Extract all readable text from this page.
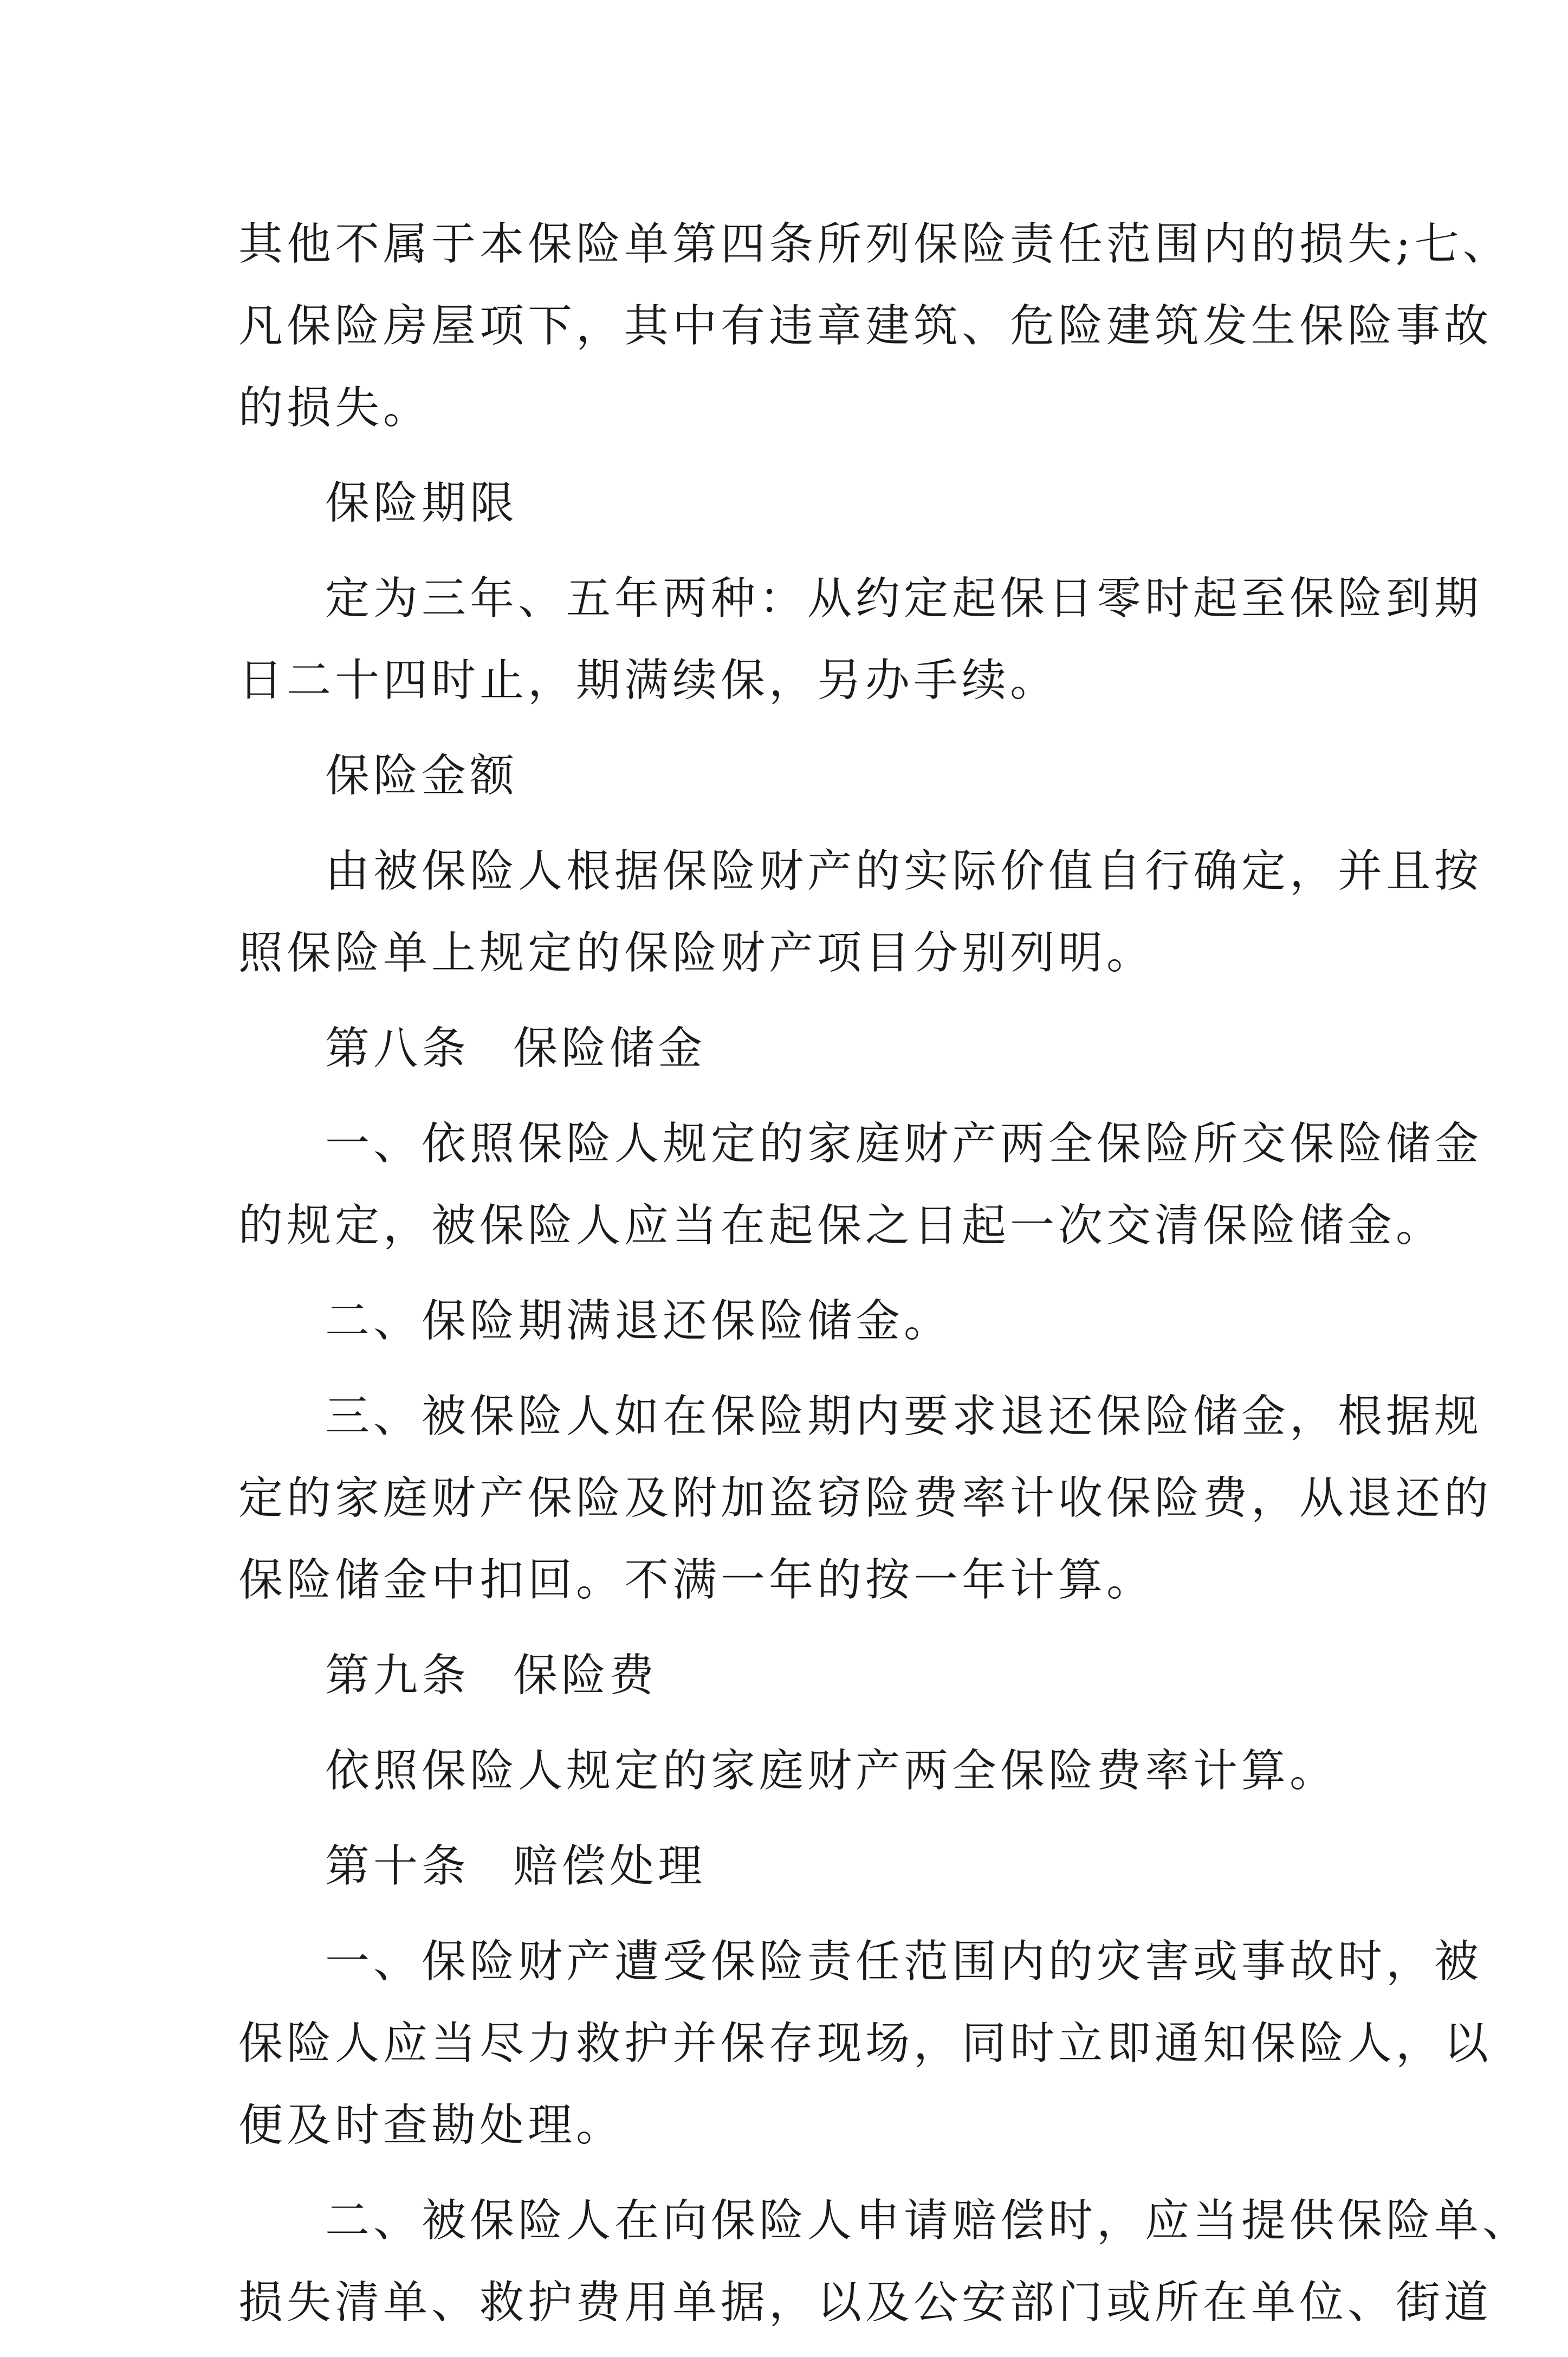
其他不属于本保险单第四条所列保险责任范围内的损失;七、
凡保险房屋项下，其中有违章建筑、危险建筑发生保险事故
的损失。

保险期限

定为三年、五年两种：从约定起保日零时起至保险到期
日二十四时止，期满续保，另办手续。

保险金额

由被保险人根据保险财产的实际价值自行确定，并且按
照保险单上规定的保险财产项目分别列明。

第八条 保险储金

一、依照保险人规定的家庭财产两全保险所交保险储金
的规定，被保险人应当在起保之日起一次交清保险储金。

二、保险期满退还保险储金。

三、被保险人如在保险期内要求退还保险储金，根据规
定的家庭财产保险及附加盗窃险费率计收保险费，从退还的
保险储金中扣回。不满一年的按一年计算。

第九条 保险费

依照保险人规定的家庭财产两全保险费率计算。

第十条 赔偿处理

一、保险财产遭受保险责任范围内的灾害或事故时，被
保险人应当尽力救护并保存现场，同时立即通知保险人，以
便及时查勘处理。

二、被保险人在向保险人申请赔偿时，应当提供保险单、
损失清单、救护费用单据，以及公安部门或所在单位、街道
